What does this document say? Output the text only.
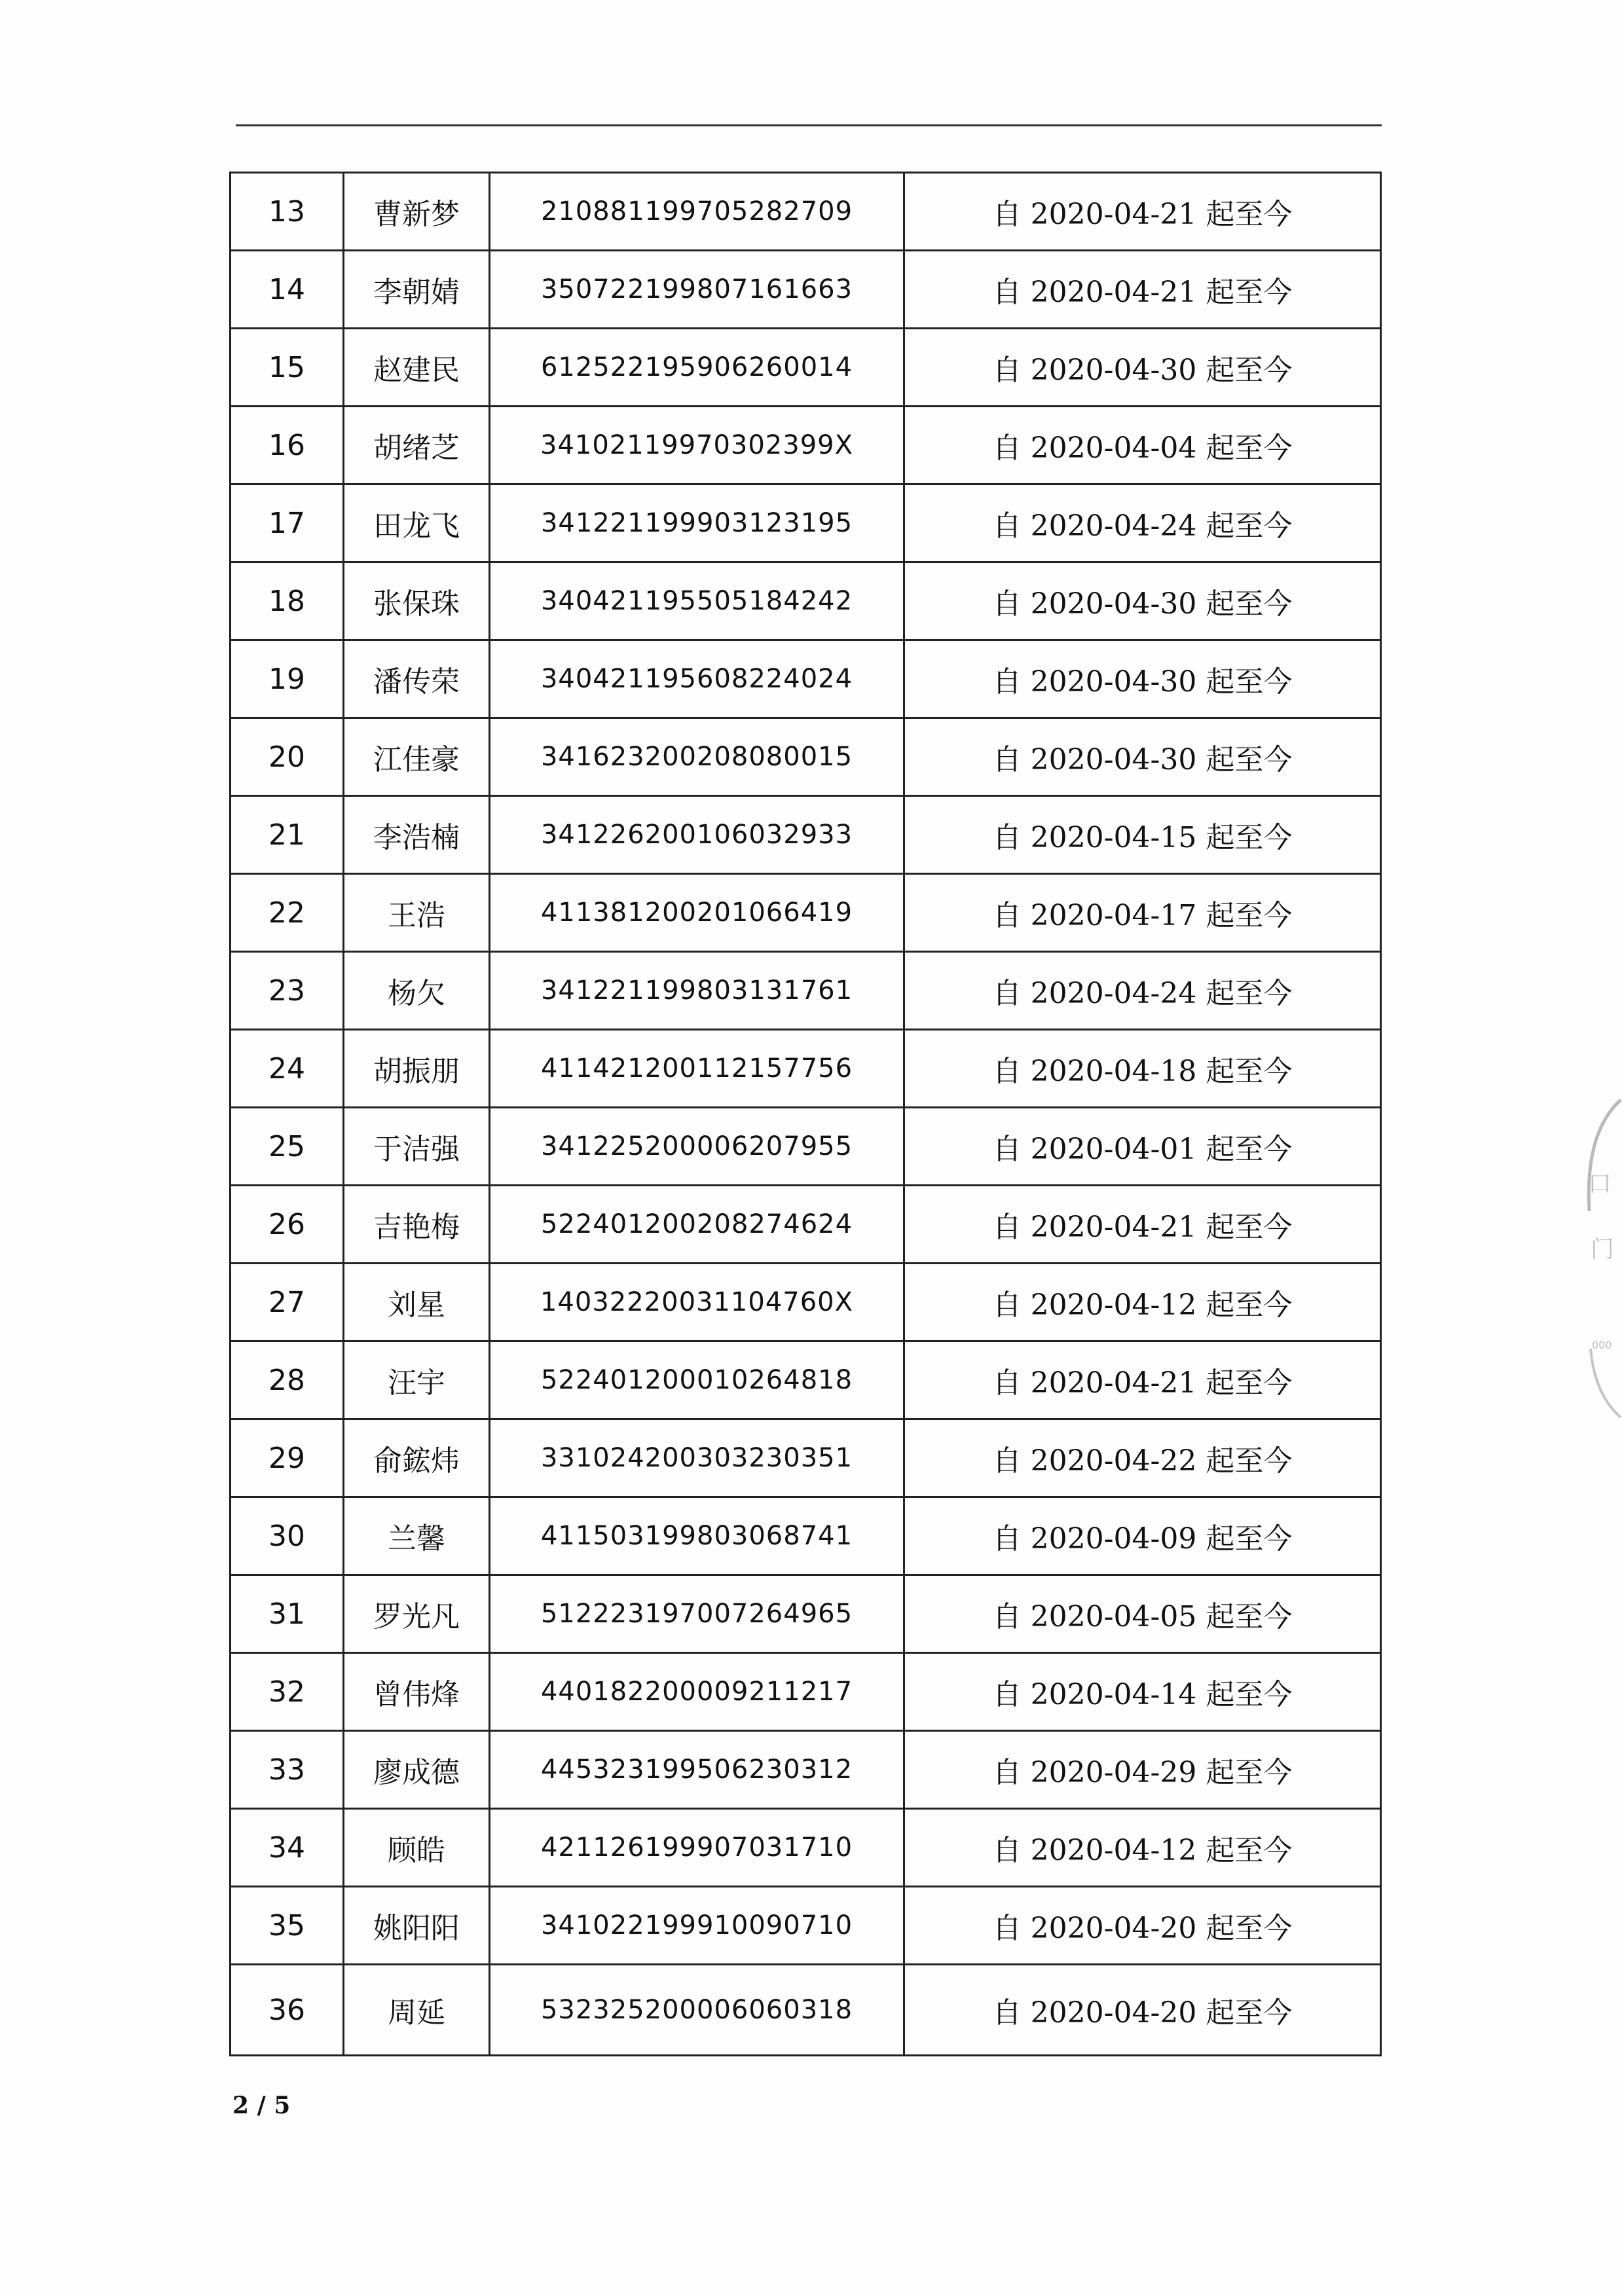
13	曹新梦	210881199705282709	自 2020-04-21 起至今
14	李朝婧	350722199807161663	自 2020-04-21 起至今
15	赵建民	612522195906260014	自 2020-04-30 起至今
16	胡绪芝	34102119970302399X	自 2020-04-04 起至今
17	田龙飞	341221199903123195	自 2020-04-24 起至今
18	张保珠	340421195505184242	自 2020-04-30 起至今
19	潘传荣	340421195608224024	自 2020-04-30 起至今
20	江佳豪	341623200208080015	自 2020-04-30 起至今
21	李浩楠	341226200106032933	自 2020-04-15 起至今
22	王浩	411381200201066419	自 2020-04-17 起至今
23	杨欠	341221199803131761	自 2020-04-24 起至今
24	胡振朋	411421200112157756	自 2020-04-18 起至今
25	于洁强	341225200006207955	自 2020-04-01 起至今
26	吉艳梅	522401200208274624	自 2020-04-21 起至今
27	刘星	14032220031104760X	自 2020-04-12 起至今
28	汪宇	522401200010264818	自 2020-04-21 起至今
29	俞鋐炜	331024200303230351	自 2020-04-22 起至今
30	兰馨	411503199803068741	自 2020-04-09 起至今
31	罗光凡	512223197007264965	自 2020-04-05 起至今
32	曾伟烽	440182200009211217	自 2020-04-14 起至今
33	廖成德	445323199506230312	自 2020-04-29 起至今
34	顾皓	421126199907031710	自 2020-04-12 起至今
35	姚阳阳	341022199910090710	自 2020-04-20 起至今
36	周延	532325200006060318	自 2020-04-20 起至今
2 / 5
口
门
000
